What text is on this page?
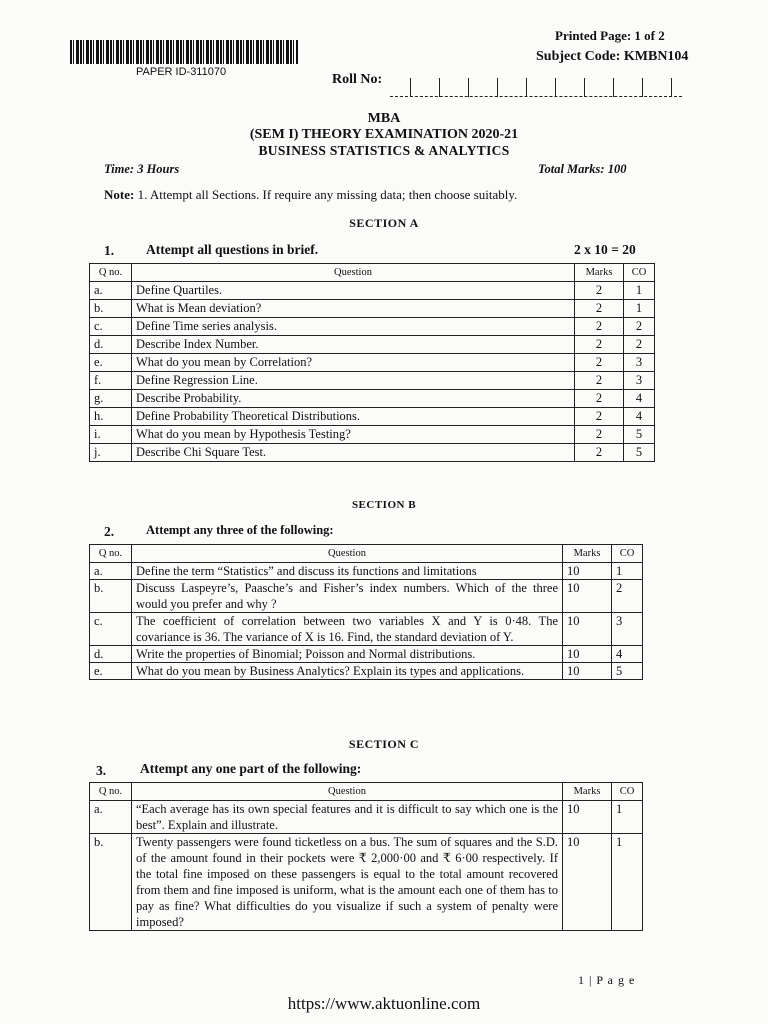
PAPER ID-311070
Printed Page: 1 of 2
Subject Code: KMBN104
Roll No:
MBA
(SEM I) THEORY EXAMINATION 2020-21
BUSINESS STATISTICS & ANALYTICS
Time: 3 Hours	Total Marks: 100
Note: 1. Attempt all Sections. If require any missing data; then choose suitably.
SECTION A
1. Attempt all questions in brief.	2 x 10 = 20
Q no.	Question	Marks	CO
a.	Define Quartiles.	2	1
b.	What is Mean deviation?	2	1
c.	Define Time series analysis.	2	2
d.	Describe Index Number.	2	2
e.	What do you mean by Correlation?	2	3
f.	Define Regression Line.	2	3
g.	Describe Probability.	2	4
h.	Define Probability Theoretical Distributions.	2	4
i.	What do you mean by Hypothesis Testing?	2	5
j.	Describe Chi Square Test.	2	5
SECTION B
2.	Attempt any three of the following:
Q no.	Question	Marks	CO
a.	Define the term “Statistics” and discuss its functions and limitations	10	1
b.	Discuss Laspeyre’s, Paasche’s and Fisher’s index numbers. Which of the three would you prefer and why ?	10	2
c.	The coefficient of correlation between two variables X and Y is 0·48. The covariance is 36. The variance of X is 16. Find, the standard deviation of Y.	10	3
d.	Write the properties of Binomial; Poisson and Normal distributions.	10	4
e.	What do you mean by Business Analytics? Explain its types and applications.	10	5
SECTION C
3.	Attempt any one part of the following:
Q no.	Question	Marks	CO
a.	“Each average has its own special features and it is difficult to say which one is the best”. Explain and illustrate.	10	1
b.	Twenty passengers were found ticketless on a bus. The sum of squares and the S.D. of the amount found in their pockets were ₹ 2,000·00 and ₹ 6·00 respectively. If the total fine imposed on these passengers is equal to the total amount recovered from them and fine imposed is uniform, what is the amount each one of them has to pay as fine? What difficulties do you visualize if such a system of penalty were imposed?	10	1
1 | P a g e
https://www.aktuonline.com
